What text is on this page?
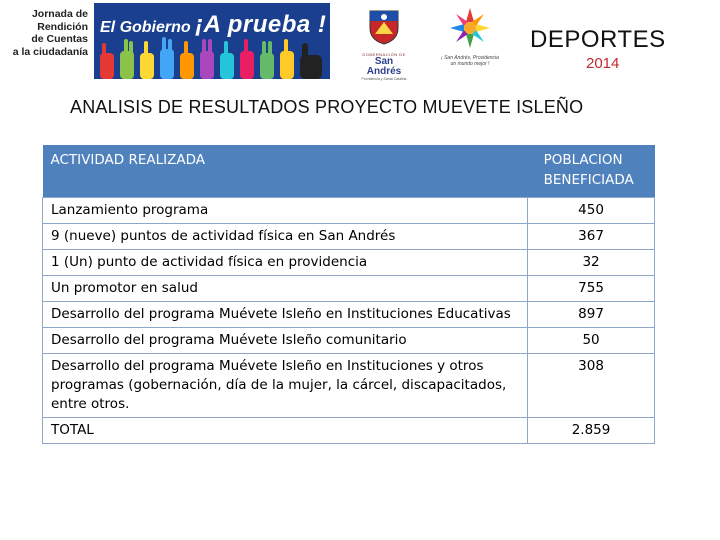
Jornada de
Rendición
de Cuentas
a la ciudadanía
El Gobierno ¡A prueba !
GOBERNACIÓN DE
San Andrés
Providencia y Santa Catalina
¡ San Andrés, Providencia
un mundo mejor !
DEPORTES
2014
ANALISIS DE RESULTADOS PROYECTO MUEVETE ISLEÑO
ACTIVIDAD REALIZADA	POBLACION
BENEFICIADA
Lanzamiento programa	450
9 (nueve) puntos de actividad física en San Andrés	367
1 (Un) punto de actividad física en providencia	32
Un promotor en salud	755
Desarrollo del programa Muévete Isleño en Instituciones Educativas	897
Desarrollo del programa Muévete Isleño comunitario	50
Desarrollo del programa Muévete Isleño en Instituciones y otros programas (gobernación, día de la mujer, la cárcel, discapacitados, entre otros.	308
TOTAL	2.859
